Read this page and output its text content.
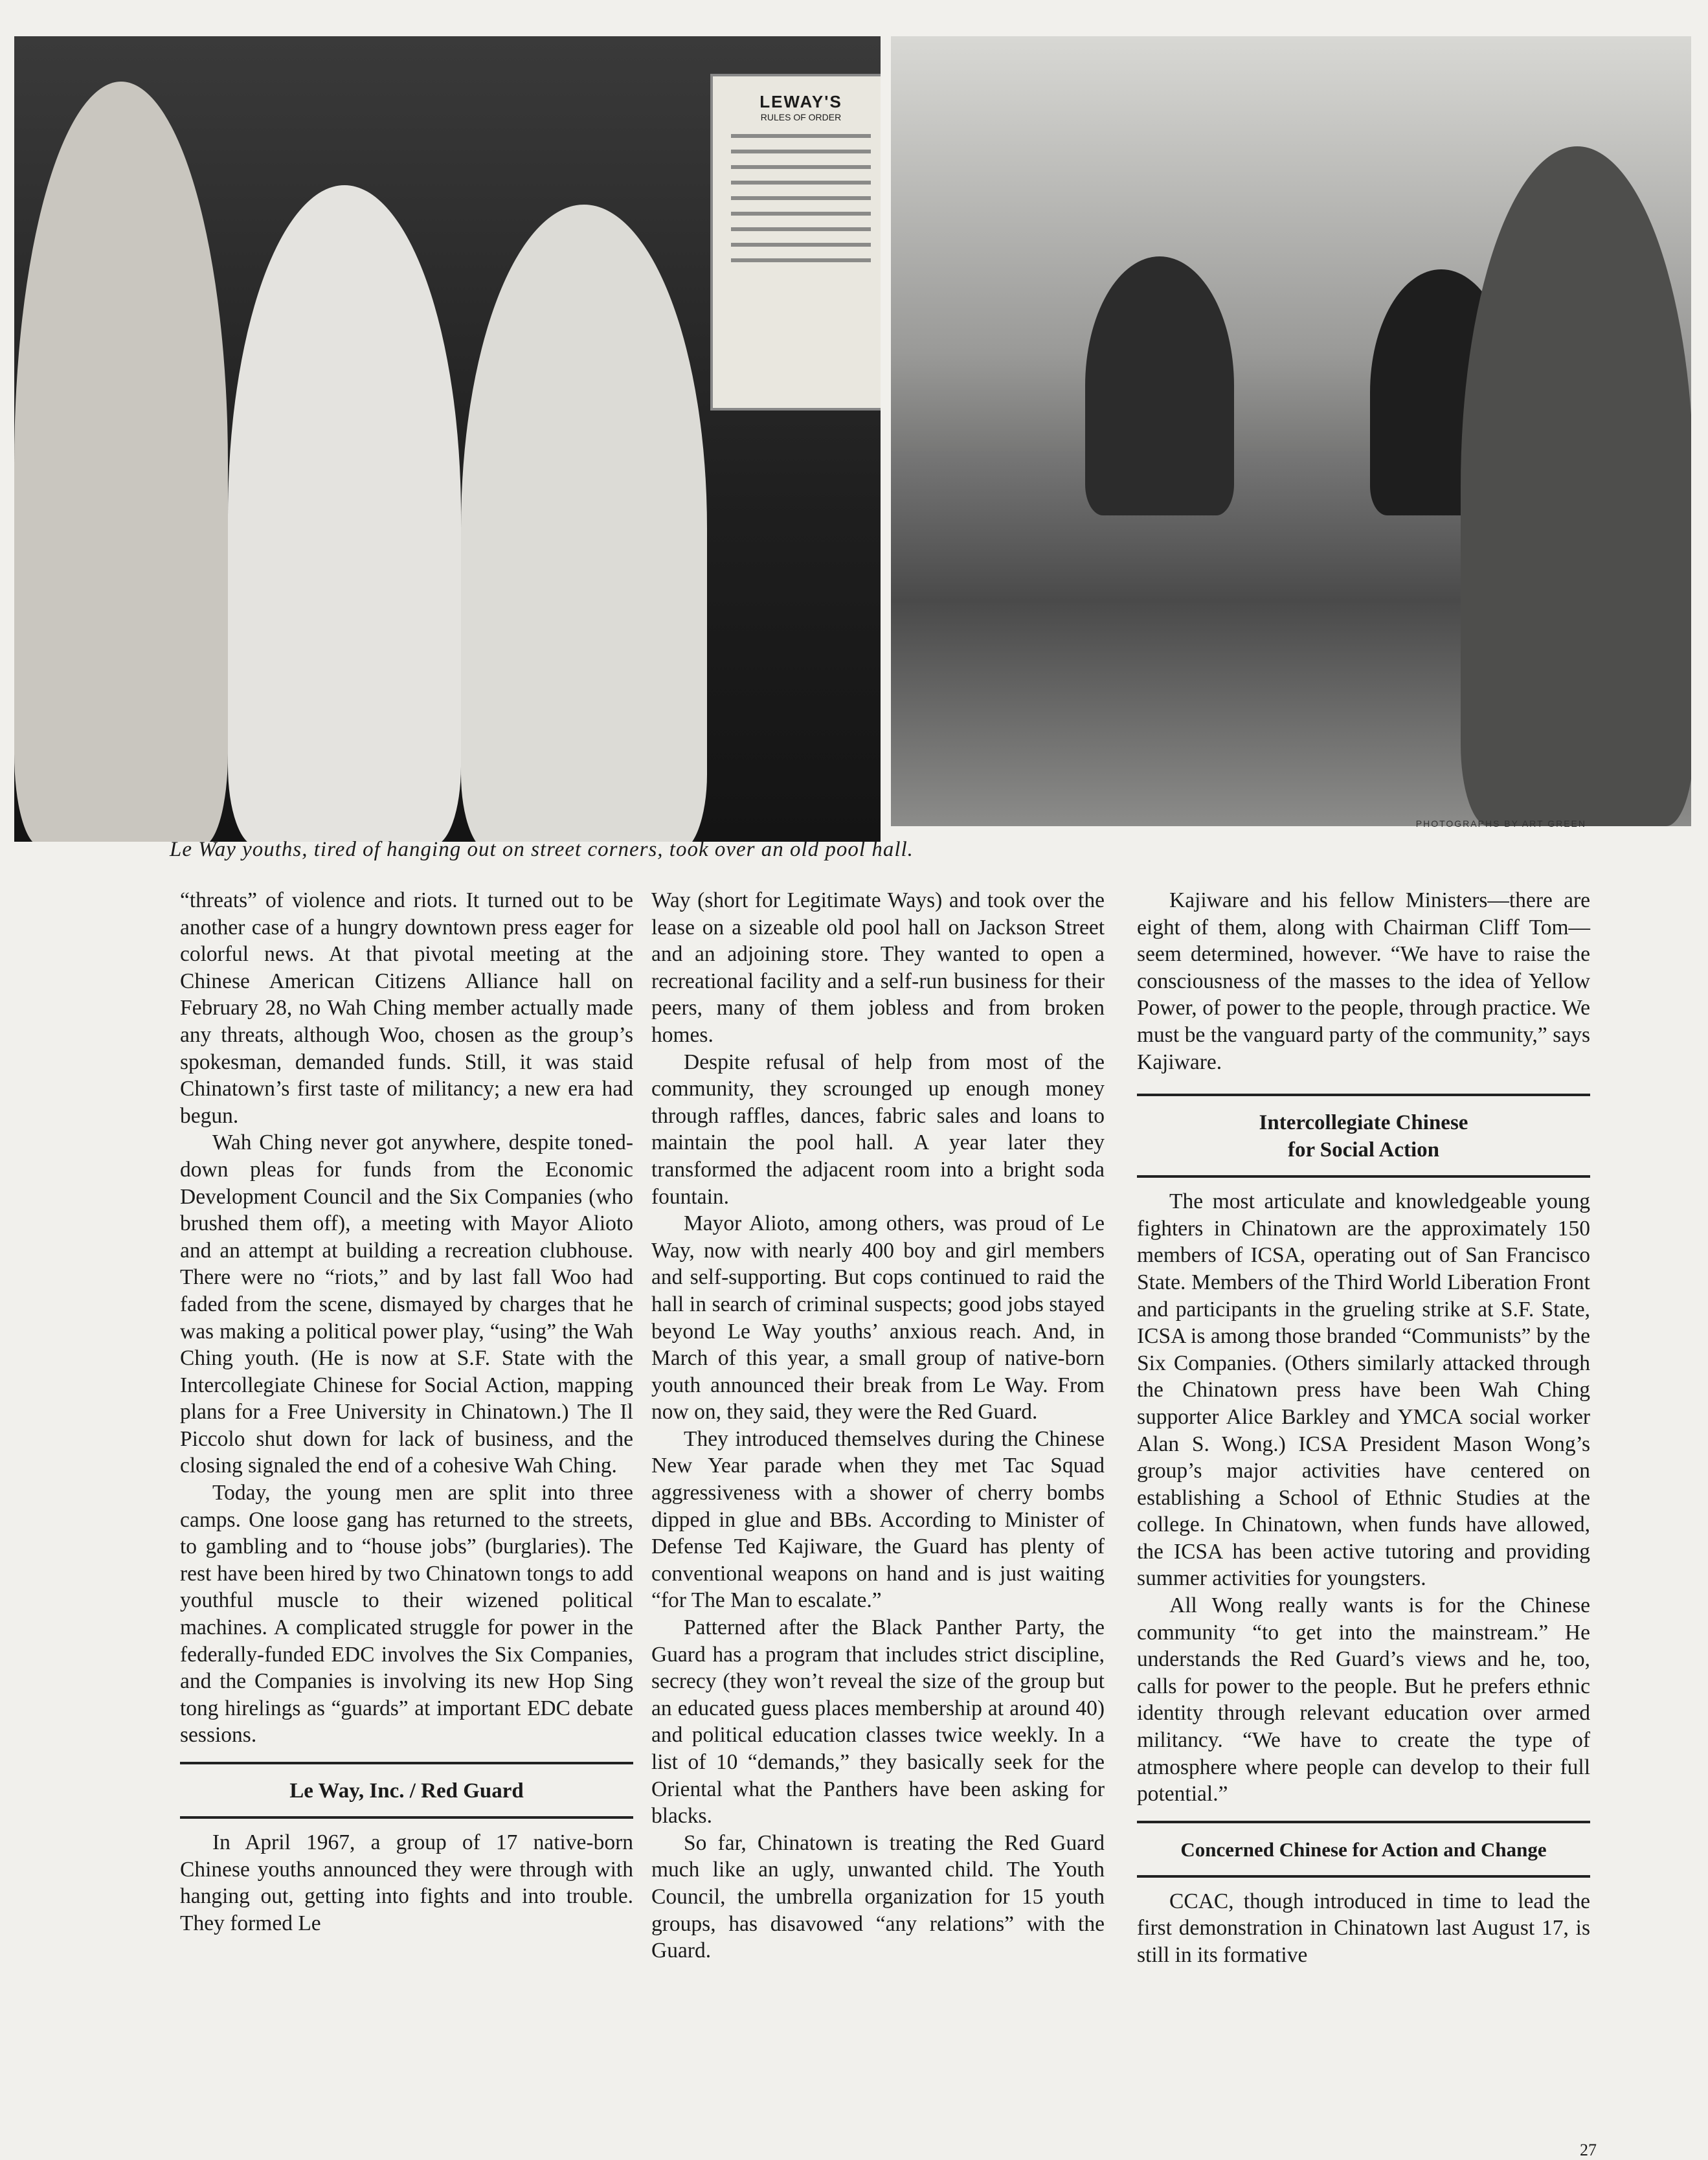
LEWAY'S
RULES OF ORDER
PHOTOGRAPHS BY ART GREEN
Le Way youths, tired of hanging out on street corners, took over an old pool hall.

“threats” of violence and riots. It turned out to be another case of a hungry downtown press eager for colorful news. At that pivotal meeting at the Chinese American Citizens Alliance hall on February 28, no Wah Ching member actually made any threats, although Woo, chosen as the group’s spokesman, demanded funds. Still, it was staid Chinatown’s first taste of militancy; a new era had begun.

Wah Ching never got anywhere, despite toned-down pleas for funds from the Economic Development Council and the Six Companies (who brushed them off), a meeting with Mayor Alioto and an attempt at building a recreation clubhouse. There were no “riots,” and by last fall Woo had faded from the scene, dismayed by charges that he was making a political power play, “using” the Wah Ching youth. (He is now at S.F. State with the Intercollegiate Chinese for Social Action, mapping plans for a Free University in Chinatown.) The Il Piccolo shut down for lack of business, and the closing signaled the end of a cohesive Wah Ching.

Today, the young men are split into three camps. One loose gang has returned to the streets, to gambling and to “house jobs” (burglaries). The rest have been hired by two Chinatown tongs to add youthful muscle to their wizened political machines. A complicated struggle for power in the federally-funded EDC involves the Six Companies, and the Companies is involving its new Hop Sing tong hirelings as “guards” at important EDC debate sessions.

Le Way, Inc. / Red Guard

In April 1967, a group of 17 native-born Chinese youths announced they were through with hanging out, getting into fights and into trouble. They formed Le

Way (short for Legitimate Ways) and took over the lease on a sizeable old pool hall on Jackson Street and an adjoining store. They wanted to open a recreational facility and a self-run business for their peers, many of them jobless and from broken homes.

Despite refusal of help from most of the community, they scrounged up enough money through raffles, dances, fabric sales and loans to maintain the pool hall. A year later they transformed the adjacent room into a bright soda fountain.

Mayor Alioto, among others, was proud of Le Way, now with nearly 400 boy and girl members and self-supporting. But cops continued to raid the hall in search of criminal suspects; good jobs stayed beyond Le Way youths’ anxious reach. And, in March of this year, a small group of native-born youth announced their break from Le Way. From now on, they said, they were the Red Guard.

They introduced themselves during the Chinese New Year parade when they met Tac Squad aggressiveness with a shower of cherry bombs dipped in glue and BBs. According to Minister of Defense Ted Kajiware, the Guard has plenty of conventional weapons on hand and is just waiting “for The Man to escalate.”

Patterned after the Black Panther Party, the Guard has a program that includes strict discipline, secrecy (they won’t reveal the size of the group but an educated guess places membership at around 40) and political education classes twice weekly. In a list of 10 “demands,” they basically seek for the Oriental what the Panthers have been asking for blacks.

So far, Chinatown is treating the Red Guard much like an ugly, unwanted child. The Youth Council, the umbrella organization for 15 youth groups, has disavowed “any relations” with the Guard.

Kajiware and his fellow Ministers—there are eight of them, along with Chairman Cliff Tom—seem determined, however. “We have to raise the consciousness of the masses to the idea of Yellow Power, of power to the people, through practice. We must be the vanguard party of the community,” says Kajiware.

Intercollegiate Chinese
for Social Action

The most articulate and knowledgeable young fighters in Chinatown are the approximately 150 members of ICSA, operating out of San Francisco State. Members of the Third World Liberation Front and participants in the grueling strike at S.F. State, ICSA is among those branded “Communists” by the Six Companies. (Others similarly attacked through the Chinatown press have been Wah Ching supporter Alice Barkley and YMCA social worker Alan S. Wong.) ICSA President Mason Wong’s group’s major activities have centered on establishing a School of Ethnic Studies at the college. In Chinatown, when funds have allowed, the ICSA has been active tutoring and providing summer activities for youngsters.

All Wong really wants is for the Chinese community “to get into the mainstream.” He understands the Red Guard’s views and he, too, calls for power to the people. But he prefers ethnic identity through relevant education over armed militancy. “We have to create the type of atmosphere where people can develop to their full potential.”

Concerned Chinese for Action and Change

CCAC, though introduced in time to lead the first demonstration in Chinatown last August 17, is still in its formative

27
